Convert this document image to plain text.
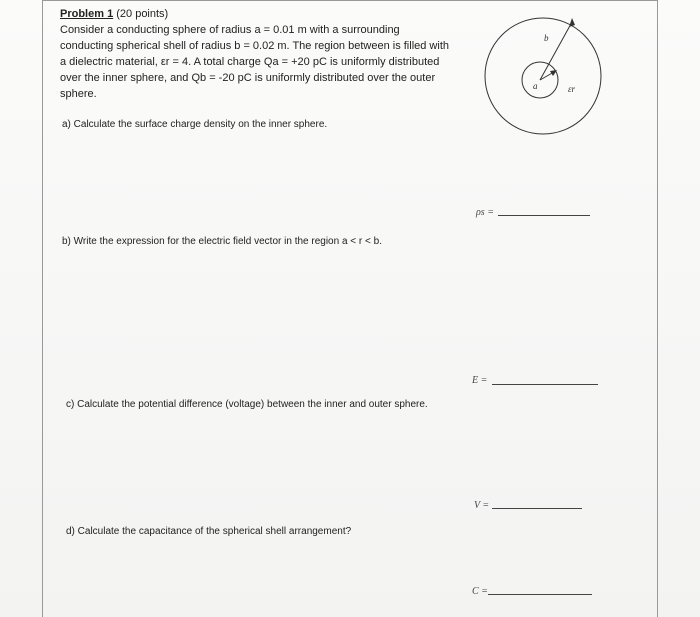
Problem 1 (20 points)

Consider a conducting sphere of radius a = 0.01 m with a surrounding

conducting spherical shell of radius b = 0.02 m. The region between is filled with

a dielectric material, εr = 4. A total charge Qa = +20 pC is uniformly distributed

over the inner sphere, and Qb = -20 pC is uniformly distributed over the outer

sphere.

b
a	εr
a) Calculate the surface charge density on the inner sphere.
b) Write the expression for the electric field vector in the region a < r < b.
c) Calculate the potential difference (voltage) between the inner and outer sphere.
d) Calculate the capacitance of the spherical shell arrangement?
ρs =
E =
V =
C =
